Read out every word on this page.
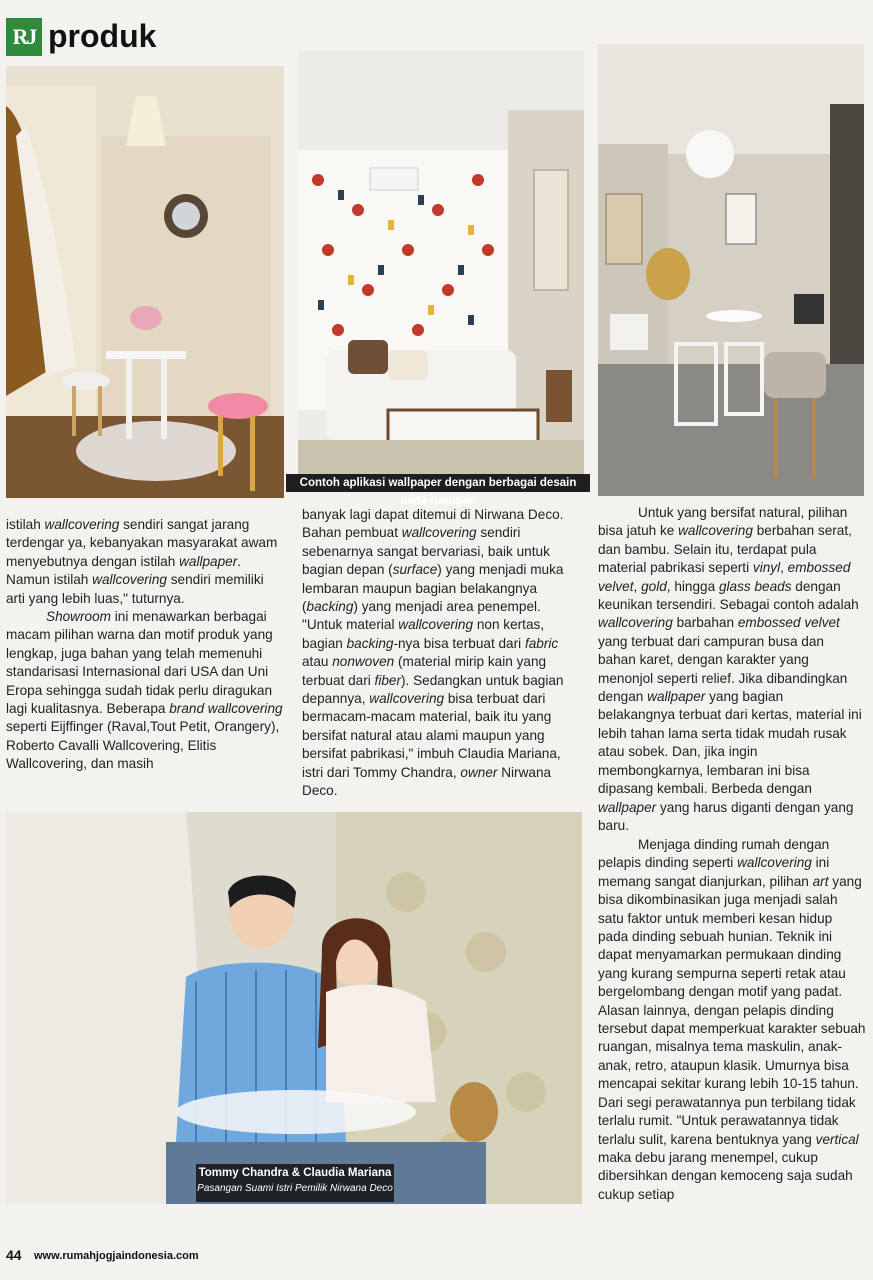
RJ produk
Contoh aplikasi wallpaper dengan berbagai desain pada ruangan
istilah wallcovering sendiri sangat jarang terdengar ya, kebanyakan masyarakat awam menyebutnya dengan istilah wallpaper. Namun istilah wallcovering sendiri memiliki arti yang lebih luas," tuturnya.
Showroom ini menawarkan berbagai macam pilihan warna dan motif produk yang lengkap, juga bahan yang telah memenuhi standarisasi Internasional dari USA dan Uni Eropa sehingga sudah tidak perlu diragukan lagi kualitasnya. Beberapa brand wallcovering seperti Eijffinger (Raval,Tout Petit, Orangery), Roberto Cavalli Wallcovering, Elitis Wallcovering, dan masih
banyak lagi dapat ditemui di Nirwana Deco. Bahan pembuat wallcovering sendiri sebenarnya sangat bervariasi, baik untuk bagian depan (surface) yang menjadi muka lembaran maupun bagian belakangnya (backing) yang menjadi area penempel. "Untuk material wallcovering non kertas, bagian backing-nya bisa terbuat dari fabric atau nonwoven (material mirip kain yang terbuat dari fiber). Sedangkan untuk bagian depannya, wallcovering bisa terbuat dari bermacam-macam material, baik itu yang bersifat natural atau alami maupun yang bersifat pabrikasi," imbuh Claudia Mariana, istri dari Tommy Chandra, owner Nirwana Deco.
Untuk yang bersifat natural, pilihan bisa jatuh ke wallcovering berbahan serat, dan bambu. Selain itu, terdapat pula material pabrikasi seperti vinyl, embossed velvet, gold, hingga glass beads dengan keunikan tersendiri. Sebagai contoh adalah wallcovering barbahan embossed velvet yang terbuat dari campuran busa dan bahan karet, dengan karakter yang menonjol seperti relief. Jika dibandingkan dengan wallpaper yang bagian belakangnya terbuat dari kertas, material ini lebih tahan lama serta tidak mudah rusak atau sobek. Dan, jika ingin membongkarnya, lembaran ini bisa dipasang kembali. Berbeda dengan wallpaper yang harus diganti dengan yang baru.
Tommy Chandra & Claudia Mariana
Pasangan Suami Istri Pemilik Nirwana Deco
Menjaga dinding rumah dengan pelapis dinding seperti wallcovering ini memang sangat dianjurkan, pilihan art yang bisa dikombinasikan juga menjadi salah satu faktor untuk memberi kesan hidup pada dinding sebuah hunian. Teknik ini dapat menyamarkan permukaan dinding yang kurang sempurna seperti retak atau bergelombang dengan motif yang padat. Alasan lainnya, dengan pelapis dinding tersebut dapat memperkuat karakter sebuah ruangan, misalnya tema maskulin, anak-anak, retro, ataupun klasik. Umurnya bisa mencapai sekitar kurang lebih 10-15 tahun. Dari segi perawatannya pun terbilang tidak terlalu rumit. "Untuk perawatannya tidak terlalu sulit, karena bentuknya yang vertical maka debu jarang menempel, cukup dibersihkan dengan kemoceng saja sudah cukup setiap
44 www.rumahjogjaindonesia.com
